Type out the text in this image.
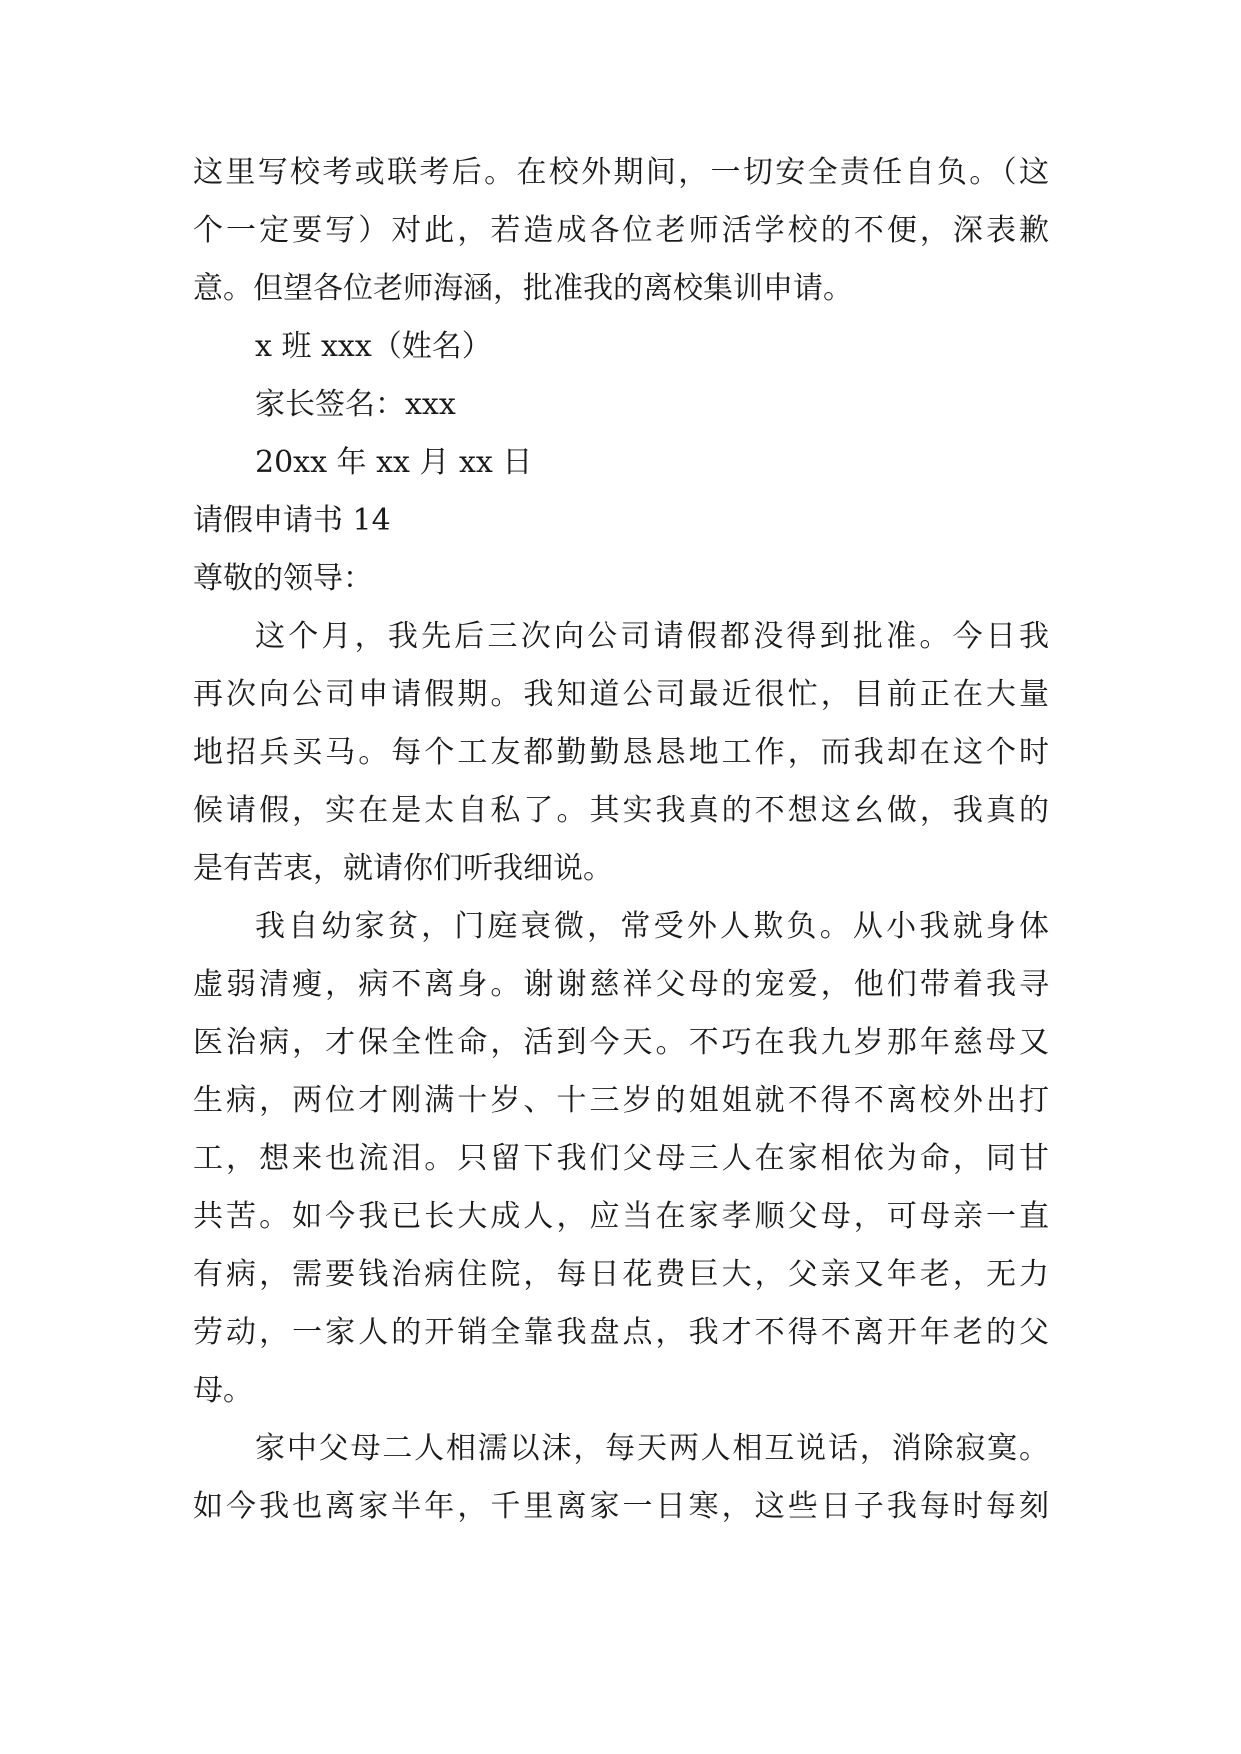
这里写校考或联考后。在校外期间，一切安全责任自负。（这
个一定要写）对此，若造成各位老师活学校的不便，深表歉
意。但望各位老师海涵，批准我的离校集训申请。
x 班 xxx（姓名）
家长签名：xxx
20xx 年 xx 月 xx 日
请假申请书 14
尊敬的领导：
这个月，我先后三次向公司请假都没得到批准。今日我
再次向公司申请假期。我知道公司最近很忙，目前正在大量
地招兵买马。每个工友都勤勤恳恳地工作，而我却在这个时
候请假，实在是太自私了。其实我真的不想这幺做，我真的
是有苦衷，就请你们听我细说。
我自幼家贫，门庭衰微，常受外人欺负。从小我就身体
虚弱清瘦，病不离身。谢谢慈祥父母的宠爱，他们带着我寻
医治病，才保全性命，活到今天。不巧在我九岁那年慈母又
生病，两位才刚满十岁、十三岁的姐姐就不得不离校外出打
工，想来也流泪。只留下我们父母三人在家相依为命，同甘
共苦。如今我已长大成人，应当在家孝顺父母，可母亲一直
有病，需要钱治病住院，每日花费巨大，父亲又年老，无力
劳动，一家人的开销全靠我盘点，我才不得不离开年老的父
母。
家中父母二人相濡以沫，每天两人相互说话，消除寂寞。
如今我也离家半年，千里离家一日寒，这些日子我每时每刻
